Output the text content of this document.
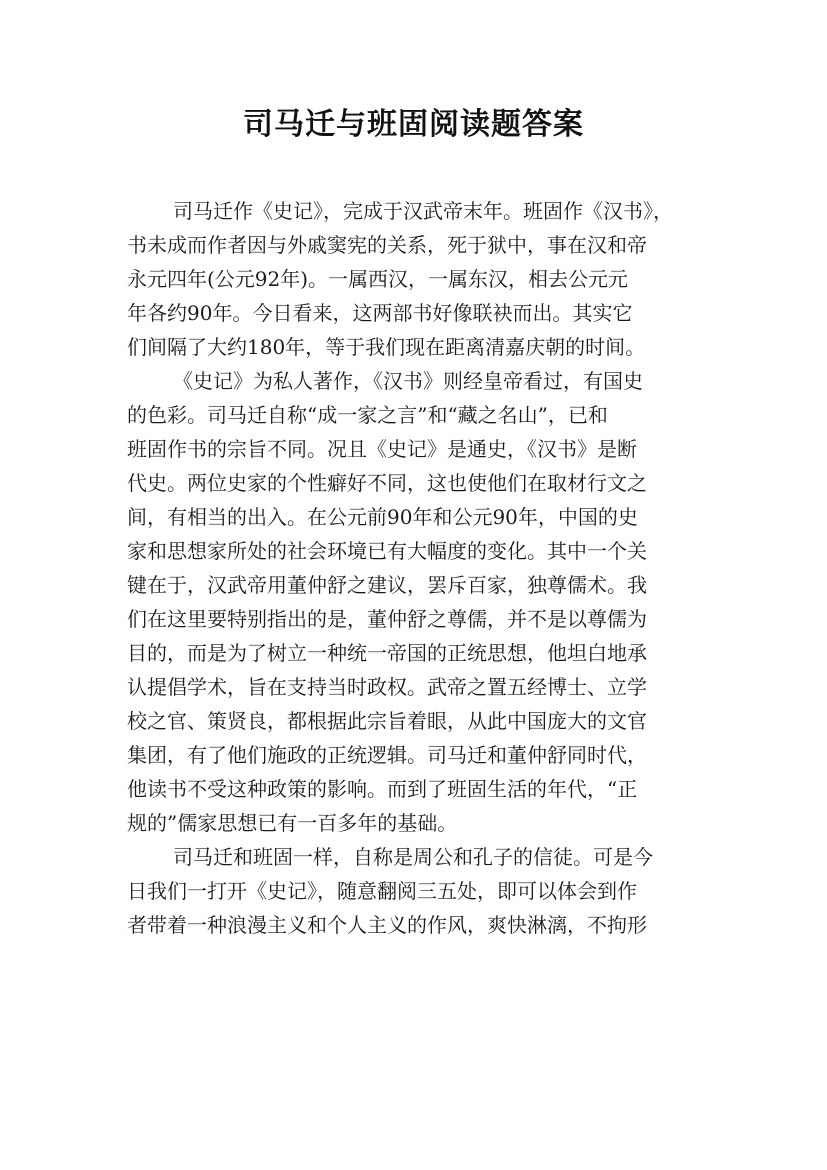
司马迁与班固阅读题答案
司马迁作《史记》，完成于汉武帝末年。班固作《汉书》，
书未成而作者因与外戚窦宪的关系，死于狱中，事在汉和帝
永元四年(公元92年)。一属西汉，一属东汉，相去公元元
年各约90年。今日看来，这两部书好像联袂而出。其实它
们间隔了大约180年，等于我们现在距离清嘉庆朝的时间。
《史记》为私人著作，《汉书》则经皇帝看过，有国史
的色彩。司马迁自称“成一家之言”和“藏之名山”，已和
班固作书的宗旨不同。况且《史记》是通史，《汉书》是断
代史。两位史家的个性癖好不同，这也使他们在取材行文之
间，有相当的出入。在公元前90年和公元90年，中国的史
家和思想家所处的社会环境已有大幅度的变化。其中一个关
键在于，汉武帝用董仲舒之建议，罢斥百家，独尊儒术。我
们在这里要特别指出的是，董仲舒之尊儒，并不是以尊儒为
目的，而是为了树立一种统一帝国的正统思想，他坦白地承
认提倡学术，旨在支持当时政权。武帝之置五经博士、立学
校之官、策贤良，都根据此宗旨着眼，从此中国庞大的文官
集团，有了他们施政的正统逻辑。司马迁和董仲舒同时代，
他读书不受这种政策的影响。而到了班固生活的年代，“正
规的”儒家思想已有一百多年的基础。
司马迁和班固一样，自称是周公和孔子的信徒。可是今
日我们一打开《史记》，随意翻阅三五处，即可以体会到作
者带着一种浪漫主义和个人主义的作风，爽快淋漓，不拘形
